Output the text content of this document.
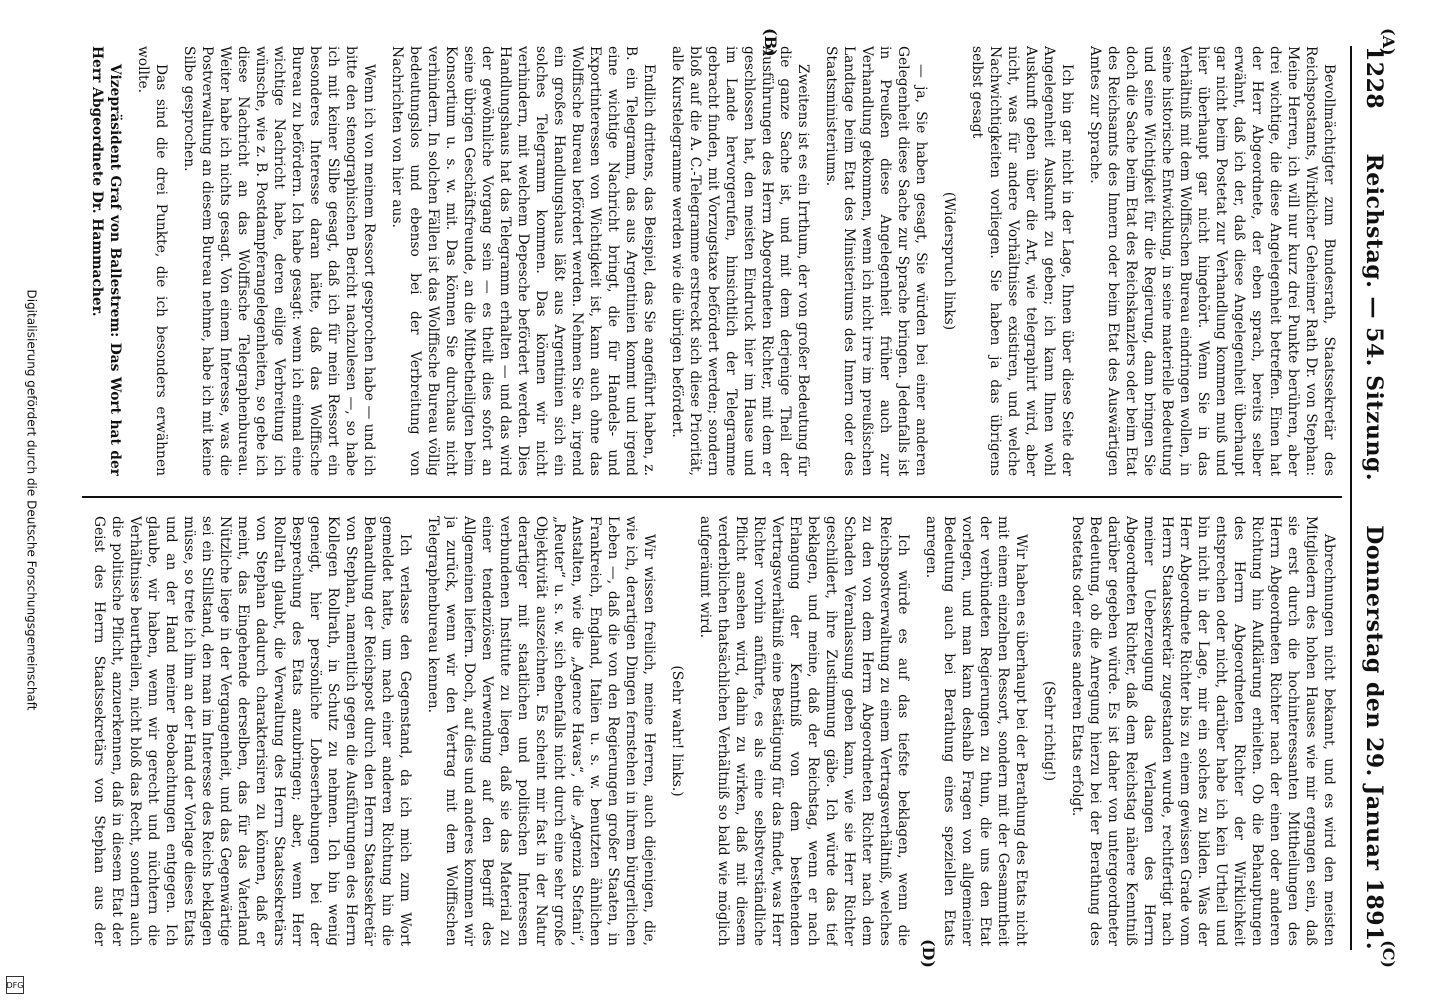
Digitalisierung gefördert durch die Deutsche Forschungsgemeinschaft
DFG
(A)
(B)
(C)
(D)
1228
Reichstag. — 54. Sitzung.
Donnerstag den 29. Januar 1891.

Bevollmächtigter zum Bundesrath, Staatssekretär des Reichspostamts, Wirklicher Geheimer Rath Dr. von Stephan: Meine Herren, ich will nur kurz drei Punkte berühren, aber drei wichtige, die diese Angelegenheit betreffen. Einen hat der Herr Abgeordnete, der eben sprach, bereits selber erwähnt, daß ich der, daß diese Angelegenheit überhaupt gar nicht beim Postetat zur Verhandlung kommen muß und hier überhaupt gar nicht hingehört. Wenn Sie in das Verhältniß mit dem Wolffischen Bureau eindringen wollen, in seine historische Entwicklung, in seine materielle Bedeutung und seine Wichtigkeit für die Regierung, dann bringen Sie doch die Sache beim Etat des Reichskanzlers oder beim Etat des Reichsamts des Innern oder beim Etat des Auswärtigen Amtes zur Sprache.

Ich bin gar nicht in der Lage, Ihnen über diese Seite der Angelegenheit Auskunft zu geben; ich kann Ihnen wohl Auskunft geben über die Art, wie telegraphirt wird, aber nicht, was für andere Vorhältnisse existiren, und welche Nachwichtigkeiten vorliegen. Sie haben ja das übrigens selbst gesagt

(Widerspruch links)

— ja, Sie haben gesagt, Sie würden bei einer anderen Gelegenheit diese Sache zur Sprache bringen. Jedenfalls ist in Preußen diese Angelegenheit früher auch zur Verhandlung gekommen, wenn ich nicht irre im preußischen Landtage beim Etat des Ministeriums des Innern oder des Staatsministeriums.

Zweitens ist es ein Irrthum, der von großer Bedeutung für die ganze Sache ist, und mit dem derjenige Theil der Ausführungen des Herrn Abgeordneten Richter, mit dem er geschlossen hat, den meisten Eindruck hier im Hause und im Lande hervorgerufen, hinsichtlich der Telegramme gebracht finden, mit Vorzugstaxe befördert werden; sondern bloß auf die A. C.-Telegramme erstreckt sich diese Priorität, alle Kurstelegramme werden wie die übrigen befördert.

Endlich drittens, das Beispiel, das Sie angeführt haben, z. B. ein Telegramm, das aus Argentinien kommt und irgend eine wichtige Nachricht bringt, die für Handels- und Exportinteressen von Wichtigkeit ist, kann auch ohne das Wolffische Bureau befördert werden. Nehmen Sie an, irgend ein großes Handlungshaus läßt aus Argentinien sich ein solches Telegramm kommen. Das können wir nicht verhindern, mit welchem Depesche befördert werden. Dies Handlungshaus hat das Telegramm erhalten — und das wird der gewöhnliche Vorgang sein — es theilt dies sofort an seine übrigen Geschäftsfreunde, an die Mitbetheiligten beim Konsortium u. s. w. mit. Das können Sie durchaus nicht verhindern. In solchen Fällen ist das Wolffische Bureau völlig bedeutungslos und ebenso bei der Verbreitung von Nachrichten von hier aus.

Wenn ich von meinem Ressort gesprochen habe — und ich bitte den stenographischen Bericht nachzulesen —, so habe ich mit keiner Silbe gesagt, daß ich für mein Ressort ein besonderes Interesse daran hätte, daß das Wolffische Bureau zu befördern. Ich habe gesagt: wenn ich einmal eine wichtige Nachricht habe, deren eilige Verbreitung ich wünsche, wie z. B. Postdampferangelegenheiten, so gebe ich diese Nachricht an das Wolffische Telegraphenbureau. Weiter habe ich nichts gesagt. Von einem Interesse, was die Postverwaltung an diesem Bureau nehme, habe ich mit keine Silbe gesprochen.

Das sind die drei Punkte, die ich besonders erwähnen wollte.

Vizepräsident Graf von Ballestrem: Das Wort hat der Herr Abgeordnete Dr. Hammacher.

Abrechnungen nicht bekannt, und es wird den meisten Mitgliedern des hohen Hauses wie mir ergangen sein, daß sie erst durch die hochinteressanten Mittheilungen des Herrn Abgeordneten Richter nach der einen oder anderen Richtung hin Aufklärung erhielten. Ob die Behauptungen des Herrn Abgeordneten Richter der Wirklichkeit entsprechen oder nicht, darüber habe ich kein Urtheil und bin nicht in der Lage, mir ein solches zu bilden. Was der Herr Abgeordnete Richter bis zu einem gewissen Grade vom Herrn Staatssekretär zugestanden wurde, rechtfertigt nach meiner Ueberzeugung das Verlangen des Herrn Abgeordneten Richter, daß dem Reichstag nähere Kenntniß darüber gegeben würde. Es ist daher von untergeordneter Bedeutung, ob die Anregung hierzu bei der Berathung des Postetats oder eines anderen Etats erfolgt.

(Sehr richtig!)

Wir haben es überhaupt bei der Berathung des Etats nicht mit einem einzelnen Ressort, sondern mit der Gesammtheit der verbündeten Regierungen zu thun, die uns den Etat vorlegen, und man kann deshalb Fragen von allgemeiner Bedeutung auch bei Berathung eines speziellen Etats anregen.

Ich würde es auf das tiefste beklagen, wenn die Reichspostverwaltung zu einem Vertragsverhältniß, welches zu den von dem Herrn Abgeordneten Richter nach dem Schaden Veranlassung geben kann, wie sie Herr Richter geschildert, ihre Zustimmung gäbe. Ich würde das tief beklagen, und meine, daß der Reichstag, wenn er nach Erlangung der Kenntniß von dem bestehenden Vertragsverhältniß eine Bestätigung für das findet, was Herr Richter vorhin anführte, es als eine selbstverständliche Pflicht ansehen wird, dahin zu wirken, daß mit diesem verderblichen thatsächlichen Verhältniß so bald wie möglich aufgeräumt wird.

(Sehr wahr! links.)

Wir wissen freilich, meine Herren, auch diejenigen, die, wie ich, derartigen Dingen fernstehen in ihrem bürgerlichen Leben —, daß die von den Regierungen großer Staaten, in Frankreich, England, Italien u. s. w. benutzten ähnlichen Anstalten, wie die „Agence Havas“, die „Agenzia Stefani“, „Reuter“ u. s. w. sich ebenfalls nicht durch eine sehr große Objektivität auszeichnen. Es scheint mir fast in der Natur derartiger mit staatlichen und politischen Interessen verbundenen Institute zu liegen, daß sie das Material zu einer tendenziösen Verwendung auf den Begriff des Allgemeinen liefern. Doch, auf dies und anderes kommen wir ja zurück, wenn wir den Vertrag mit dem Wolffischen Telegraphenbureau kennen.

Ich verlasse den Gegenstand, da ich mich zum Wort gemeldet hatte, um nach einer anderen Richtung hin die Behandlung der Reichspost durch den Herrn Staatssekretär von Stephan, namentlich gegen die Ausführungen des Herrn Kollegen Rollrath, in Schutz zu nehmen. Ich bin wenig geneigt, hier persönliche Lobeserhebungen bei der Besprechung des Etats anzubringen; aber, wenn Herr Rollrath glaubt, die Verwaltung des Herrn Staatssekretärs von Stephan dadurch charakterisiren zu können, daß er meint, das Eingehende derselben, das für das Vaterland Nützliche liege in der Vergangenheit, und das Gegenwärtige sei ein Stillstand, den man im Interesse des Reichs beklagen müsse, so trete ich ihm an der Hand der Vorlage dieses Etats und an der Hand meiner Beobachtungen entgegen. Ich glaube, wir haben, wenn wir gerecht und nüchtern die Verhältnisse beurtheilen, nicht bloß das Recht, sondern auch die politische Pflicht, anzuerkennen, daß in diesem Etat der Geist des Herrn Staatssekretärs von Stephan aus der
